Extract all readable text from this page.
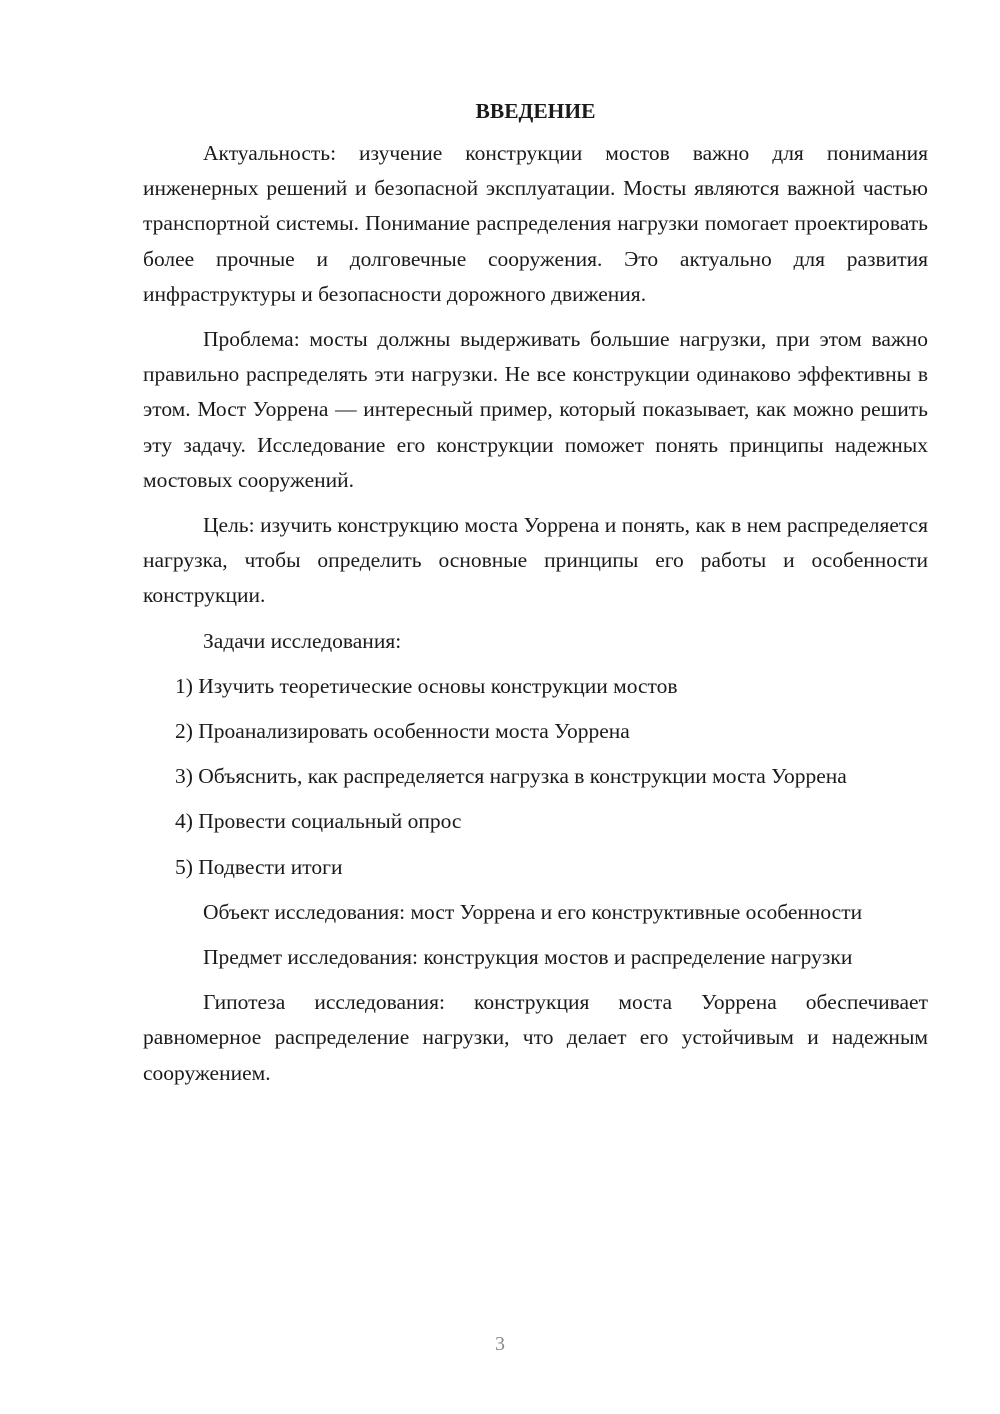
ВВЕДЕНИЕ

Актуальность: изучение конструкции мостов важно для понимания инженерных решений и безопасной эксплуатации. Мосты являются важной частью транспортной системы. Понимание распределения нагрузки помогает проектировать более прочные и долговечные сооружения. Это актуально для развития инфраструктуры и безопасности дорожного движения.

Проблема: мосты должны выдерживать большие нагрузки, при этом важно правильно распределять эти нагрузки. Не все конструкции одинаково эффективны в этом. Мост Уоррена — интересный пример, который показывает, как можно решить эту задачу. Исследование его конструкции поможет понять принципы надежных мостовых сооружений.

Цель: изучить конструкцию моста Уоррена и понять, как в нем распределяется нагрузка, чтобы определить основные принципы его работы и особенности конструкции.

Задачи исследования:

1) Изучить теоретические основы конструкции мостов

2) Проанализировать особенности моста Уоррена

3) Объяснить, как распределяется нагрузка в конструкции моста Уоррена

4) Провести социальный опрос

5) Подвести итоги

Объект исследования: мост Уоррена и его конструктивные особенности

Предмет исследования: конструкция мостов и распределение нагрузки

Гипотеза исследования: конструкция моста Уоррена обеспечивает равномерное распределение нагрузки, что делает его устойчивым и надежным сооружением.

3
